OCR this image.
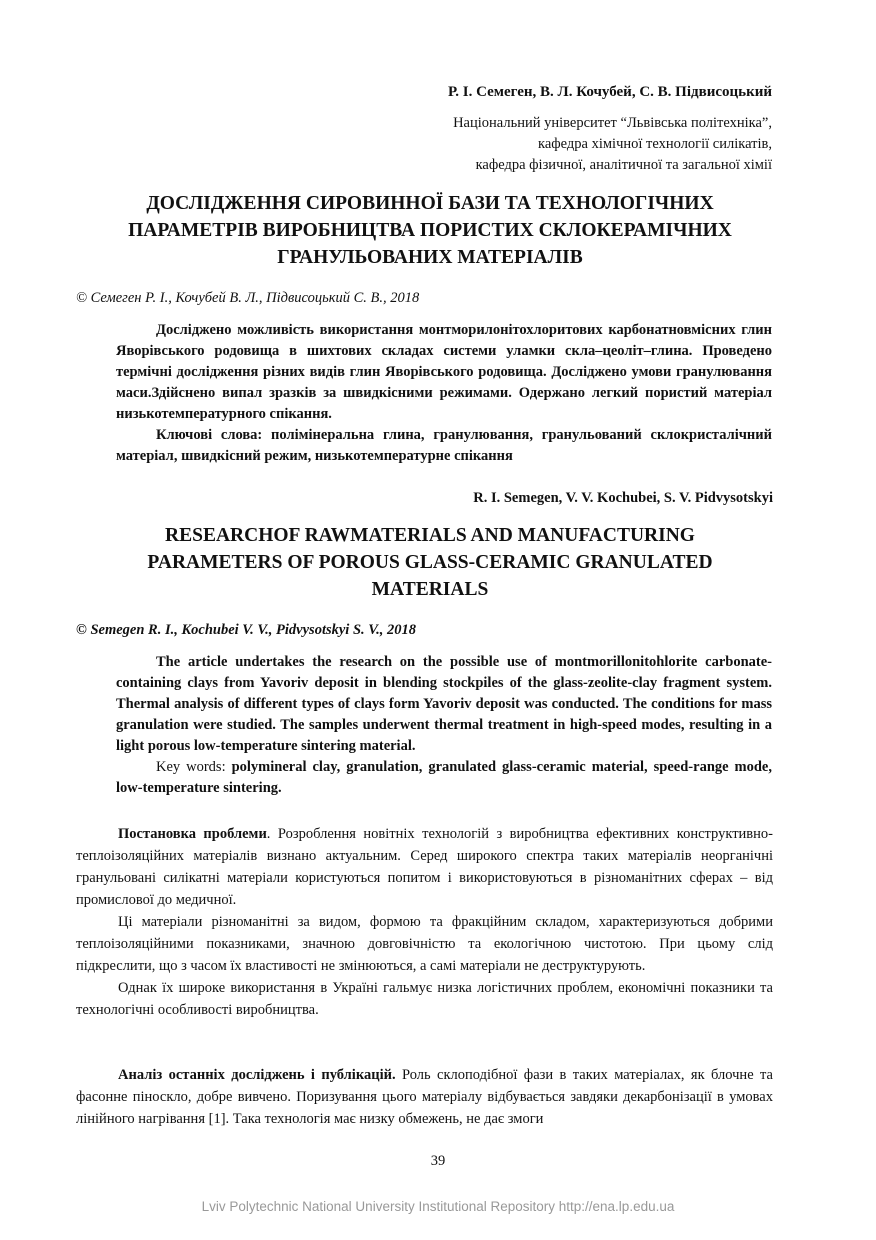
Р. І. Семеген, В. Л. Кочубей, С. В. Підвисоцький
Національний університет “Львівська політехніка”,
кафедра хімічної технології силікатів,
кафедра фізичної, аналітичної та загальної хімії
ДОСЛІДЖЕННЯ СИРОВИННОЇ БАЗИ ТА ТЕХНОЛОГІЧНИХ
ПАРАМЕТРІВ ВИРОБНИЦТВА ПОРИСТИХ СКЛОКЕРАМІЧНИХ
ГРАНУЛЬОВАНИХ МАТЕРІАЛІВ
© Семеген Р. І., Кочубей В. Л., Підвисоцький С. В., 2018
Досліджено можливість використання монтморилонітохлоритових карбонатновмісних глин Яворівського родовища в шихтових складах системи уламки скла–цеоліт–глина. Проведено термічні дослідження різних видів глин Яворівського родовища. Досліджено умови гранулювання маси.Здійснено випал зразків за швидкісними режимами. Одержано легкий пористий матеріал низькотемпературного спікання.
Ключові слова: полімінеральна глина, гранулювання, гранульований склокристалічний матеріал, швидкісний режим, низькотемпературне спікання
R. I. Semegen, V. V. Kochubei, S. V. Pidvysotskyi
RESEARCHOF RAWMATERIALS AND MANUFACTURING
PARAMETERS OF POROUS GLASS-CERAMIC GRANULATED
MATERIALS
© Semegen R. I., Kochubei V. V., Pidvysotskyi S. V., 2018
The article undertakes the research on the possible use of montmorillonitohlorite carbonate-containing clays from Yavoriv deposit in blending stockpiles of the glass-zeolite-clay fragment system. Thermal analysis of different types of clays form Yavoriv deposit was conducted. The conditions for mass granulation were studied. The samples underwent thermal treatment in high-speed modes, resulting in a light porous low-temperature sintering material.
Key words: polymineral clay, granulation, granulated glass-ceramic material, speed-range mode, low-temperature sintering.

Постановка проблеми. Розроблення новітніх технологій з виробництва ефективних конструктивно-теплоізоляційних матеріалів визнано актуальним. Серед широкого спектра таких матеріалів неорганічні гранульовані силікатні матеріали користуються попитом і використовуються в різноманітних сферах – від промислової до медичної.

Ці матеріали різноманітні за видом, формою та фракційним складом, характеризуються добрими теплоізоляційними показниками, значною довговічністю та екологічною чистотою. При цьому слід підкреслити, що з часом їх властивості не змінюються, а самі матеріали не деструктурують.

Однак їх широке використання в Україні гальмує низка логістичних проблем, економічні показники та технологічні особливості виробництва.

Аналіз останніх досліджень і публікацій. Роль склоподібної фази в таких матеріалах, як блочне та фасонне піноскло, добре вивчено. Поризування цього матеріалу відбувається завдяки декарбонізації в умовах лінійного нагрівання [1]. Така технологія має низку обмежень, не дає змоги

39
Lviv Polytechnic National University Institutional Repository http://ena.lp.edu.ua
